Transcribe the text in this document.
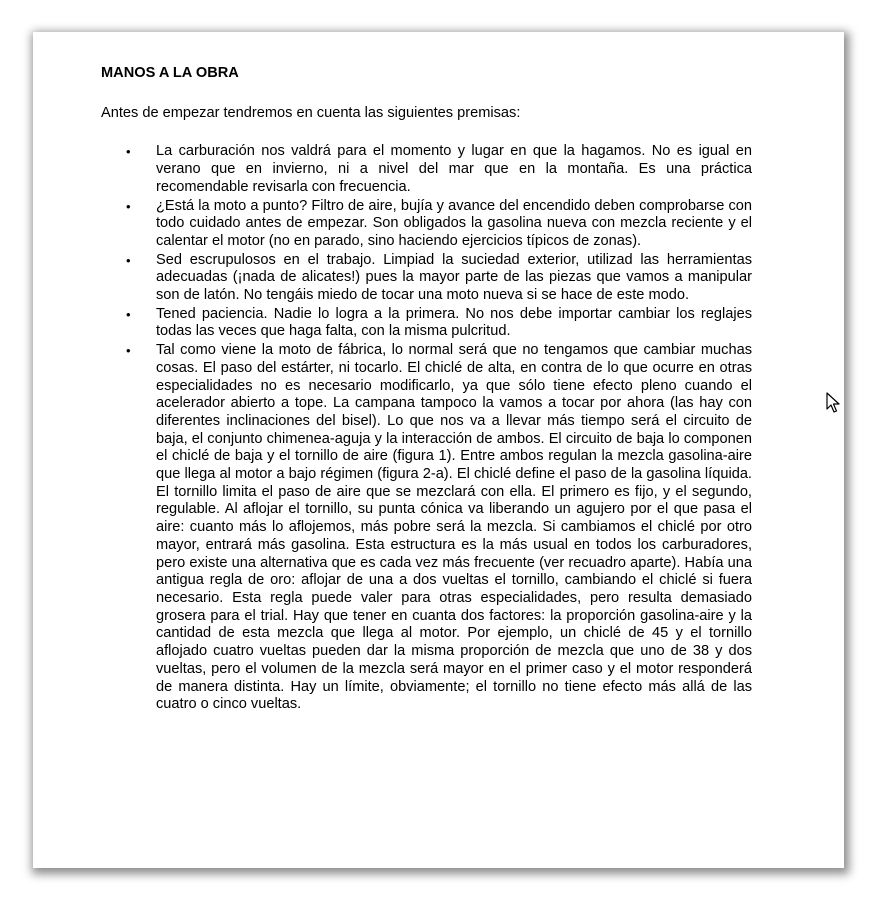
MANOS A LA OBRA

Antes de empezar tendremos en cuenta las siguientes premisas:

• La carburación nos valdrá para el momento y lugar en que la hagamos. No es igual en verano que en invierno, ni a nivel del mar que en la montaña. Es una práctica recomendable revisarla con frecuencia.
• ¿Está la moto a punto? Filtro de aire, bujía y avance del encendido deben comprobarse con todo cuidado antes de empezar. Son obligados la gasolina nueva con mezcla reciente y el calentar el motor (no en parado, sino haciendo ejercicios típicos de zonas).
• Sed escrupulosos en el trabajo. Limpiad la suciedad exterior, utilizad las herramientas adecuadas (¡nada de alicates!) pues la mayor parte de las piezas que vamos a manipular son de latón. No tengáis miedo de tocar una moto nueva si se hace de este modo.
• Tened paciencia. Nadie lo logra a la primera. No nos debe importar cambiar los reglajes todas las veces que haga falta, con la misma pulcritud.
• Tal como viene la moto de fábrica, lo normal será que no tengamos que cambiar muchas cosas. El paso del estárter, ni tocarlo. El chiclé de alta, en contra de lo que ocurre en otras especialidades no es necesario modificarlo, ya que sólo tiene efecto pleno cuando el acelerador abierto a tope. La campana tampoco la vamos a tocar por ahora (las hay con diferentes inclinaciones del bisel). Lo que nos va a llevar más tiempo será el circuito de baja, el conjunto chimenea-aguja y la interacción de ambos. El circuito de baja lo componen el chiclé de baja y el tornillo de aire (figura 1). Entre ambos regulan la mezcla gasolina-aire que llega al motor a bajo régimen (figura 2-a). El chiclé define el paso de la gasolina líquida. El tornillo limita el paso de aire que se mezclará con ella. El primero es fijo, y el segundo, regulable. Al aflojar el tornillo, su punta cónica va liberando un agujero por el que pasa el aire: cuanto más lo aflojemos, más pobre será la mezcla. Si cambiamos el chiclé por otro mayor, entrará más gasolina. Esta estructura es la más usual en todos los carburadores, pero existe una alternativa que es cada vez más frecuente (ver recuadro aparte). Había una antigua regla de oro: aflojar de una a dos vueltas el tornillo, cambiando el chiclé si fuera necesario. Esta regla puede valer para otras especialidades, pero resulta demasiado grosera para el trial. Hay que tener en cuanta dos factores: la proporción gasolina-aire y la cantidad de esta mezcla que llega al motor. Por ejemplo, un chiclé de 45 y el tornillo aflojado cuatro vueltas pueden dar la misma proporción de mezcla que uno de 38 y dos vueltas, pero el volumen de la mezcla será mayor en el primer caso y el motor responderá de manera distinta. Hay un límite, obviamente; el tornillo no tiene efecto más allá de las cuatro o cinco vueltas.
